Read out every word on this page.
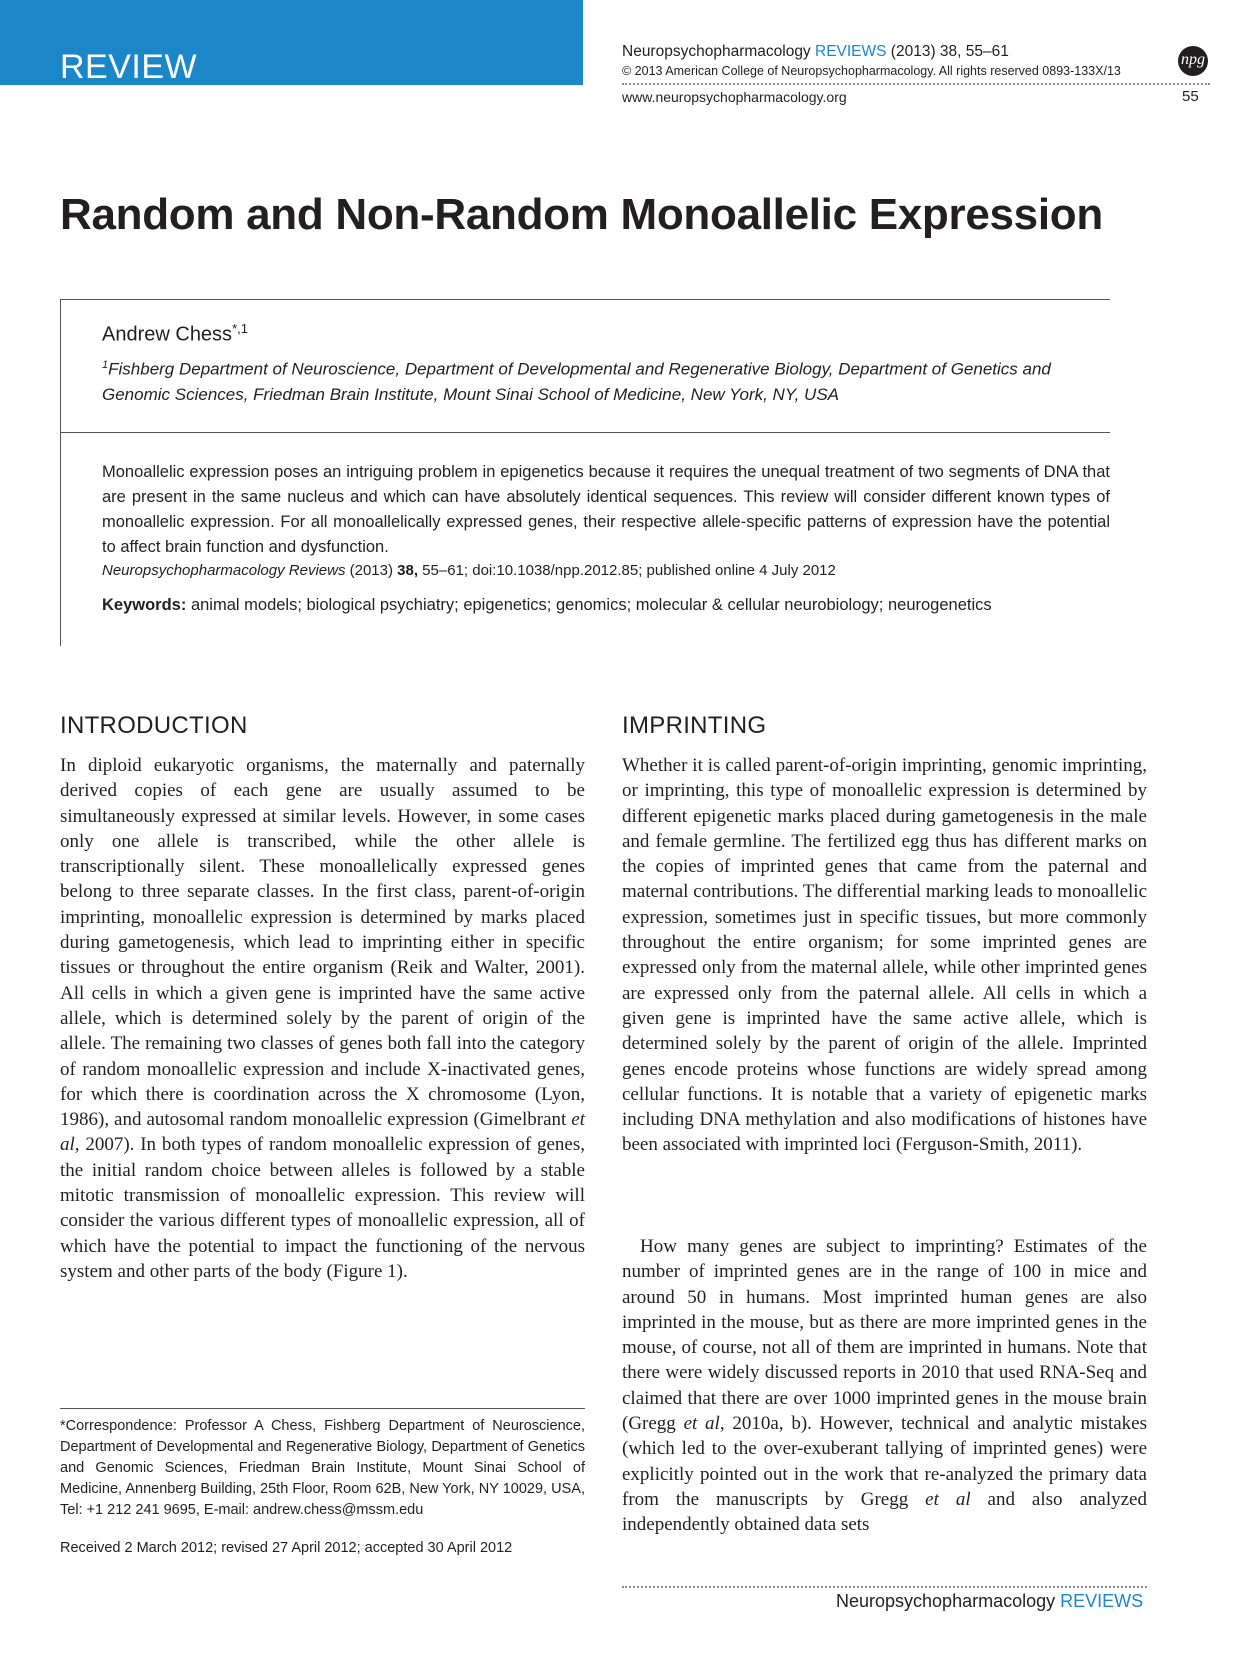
REVIEW	Neuropsychopharmacology REVIEWS (2013) 38, 55–61
© 2013 American College of Neuropsychopharmacology. All rights reserved 0893-133X/13
npg
www.neuropsychopharmacology.org	55
Random and Non-Random Monoallelic Expression
Andrew Chess$^{*,1}$
$^1$Fishberg Department of Neuroscience, Department of Developmental and Regenerative Biology, Department of Genetics and Genomic Sciences, Friedman Brain Institute, Mount Sinai School of Medicine, New York, NY, USA
Monoallelic expression poses an intriguing problem in epigenetics because it requires the unequal treatment of two segments of DNA that are present in the same nucleus and which can have absolutely identical sequences. This review will consider different known types of monoallelic expression. For all monoallelically expressed genes, their respective allele-specific patterns of expression have the potential to affect brain function and dysfunction.
Neuropsychopharmacology Reviews (2013) 38, 55–61; doi:10.1038/npp.2012.85; published online 4 July 2012
Keywords: animal models; biological psychiatry; epigenetics; genomics; molecular & cellular neurobiology; neurogenetics
INTRODUCTION

In diploid eukaryotic organisms, the maternally and paternally derived copies of each gene are usually assumed to be simultaneously expressed at similar levels. However, in some cases only one allele is transcribed, while the other allele is transcriptionally silent. These monoallelically expressed genes belong to three separate classes. In the first class, parent-of-origin imprinting, monoallelic expression is determined by marks placed during gametogenesis, which lead to imprinting either in specific tissues or throughout the entire organism (Reik and Walter, 2001). All cells in which a given gene is imprinted have the same active allele, which is determined solely by the parent of origin of the allele. The remaining two classes of genes both fall into the category of random monoallelic expression and include X-inactivated genes, for which there is coordination across the X chromosome (Lyon, 1986), and autosomal random monoallelic expression (Gimelbrant et al, 2007). In both types of random monoallelic expression of genes, the initial random choice between alleles is followed by a stable mitotic transmission of monoallelic expression. This review will consider the various different types of monoallelic expression, all of which have the potential to impact the functioning of the nervous system and other parts of the body (Figure 1).

IMPRINTING

Whether it is called parent-of-origin imprinting, genomic imprinting, or imprinting, this type of monoallelic expression is determined by different epigenetic marks placed during gametogenesis in the male and female germline. The fertilized egg thus has different marks on the copies of imprinted genes that came from the paternal and maternal contributions. The differential marking leads to monoallelic expression, sometimes just in specific tissues, but more commonly throughout the entire organism; for some imprinted genes are expressed only from the maternal allele, while other imprinted genes are expressed only from the paternal allele. All cells in which a given gene is imprinted have the same active allele, which is determined solely by the parent of origin of the allele. Imprinted genes encode proteins whose functions are widely spread among cellular functions. It is notable that a variety of epigenetic marks including DNA methylation and also modifications of histones have been associated with imprinted loci (Ferguson-Smith, 2011).

How many genes are subject to imprinting? Estimates of the number of imprinted genes are in the range of 100 in mice and around 50 in humans. Most imprinted human genes are also imprinted in the mouse, but as there are more imprinted genes in the mouse, of course, not all of them are imprinted in humans. Note that there were widely discussed reports in 2010 that used RNA-Seq and claimed that there are over 1000 imprinted genes in the mouse brain (Gregg et al, 2010a, b). However, technical and analytic mistakes (which led to the over-exuberant tallying of imprinted genes) were explicitly pointed out in the work that re-analyzed the primary data from the manuscripts by Gregg et al and also analyzed independently obtained data sets

*Correspondence: Professor A Chess, Fishberg Department of Neuroscience, Department of Developmental and Regenerative Biology, Department of Genetics and Genomic Sciences, Friedman Brain Institute, Mount Sinai School of Medicine, Annenberg Building, 25th Floor, Room 62B, New York, NY 10029, USA, Tel: +1 212 241 9695, E-mail: andrew.chess@mssm.edu
Received 2 March 2012; revised 27 April 2012; accepted 30 April 2012
Neuropsychopharmacology REVIEWS
